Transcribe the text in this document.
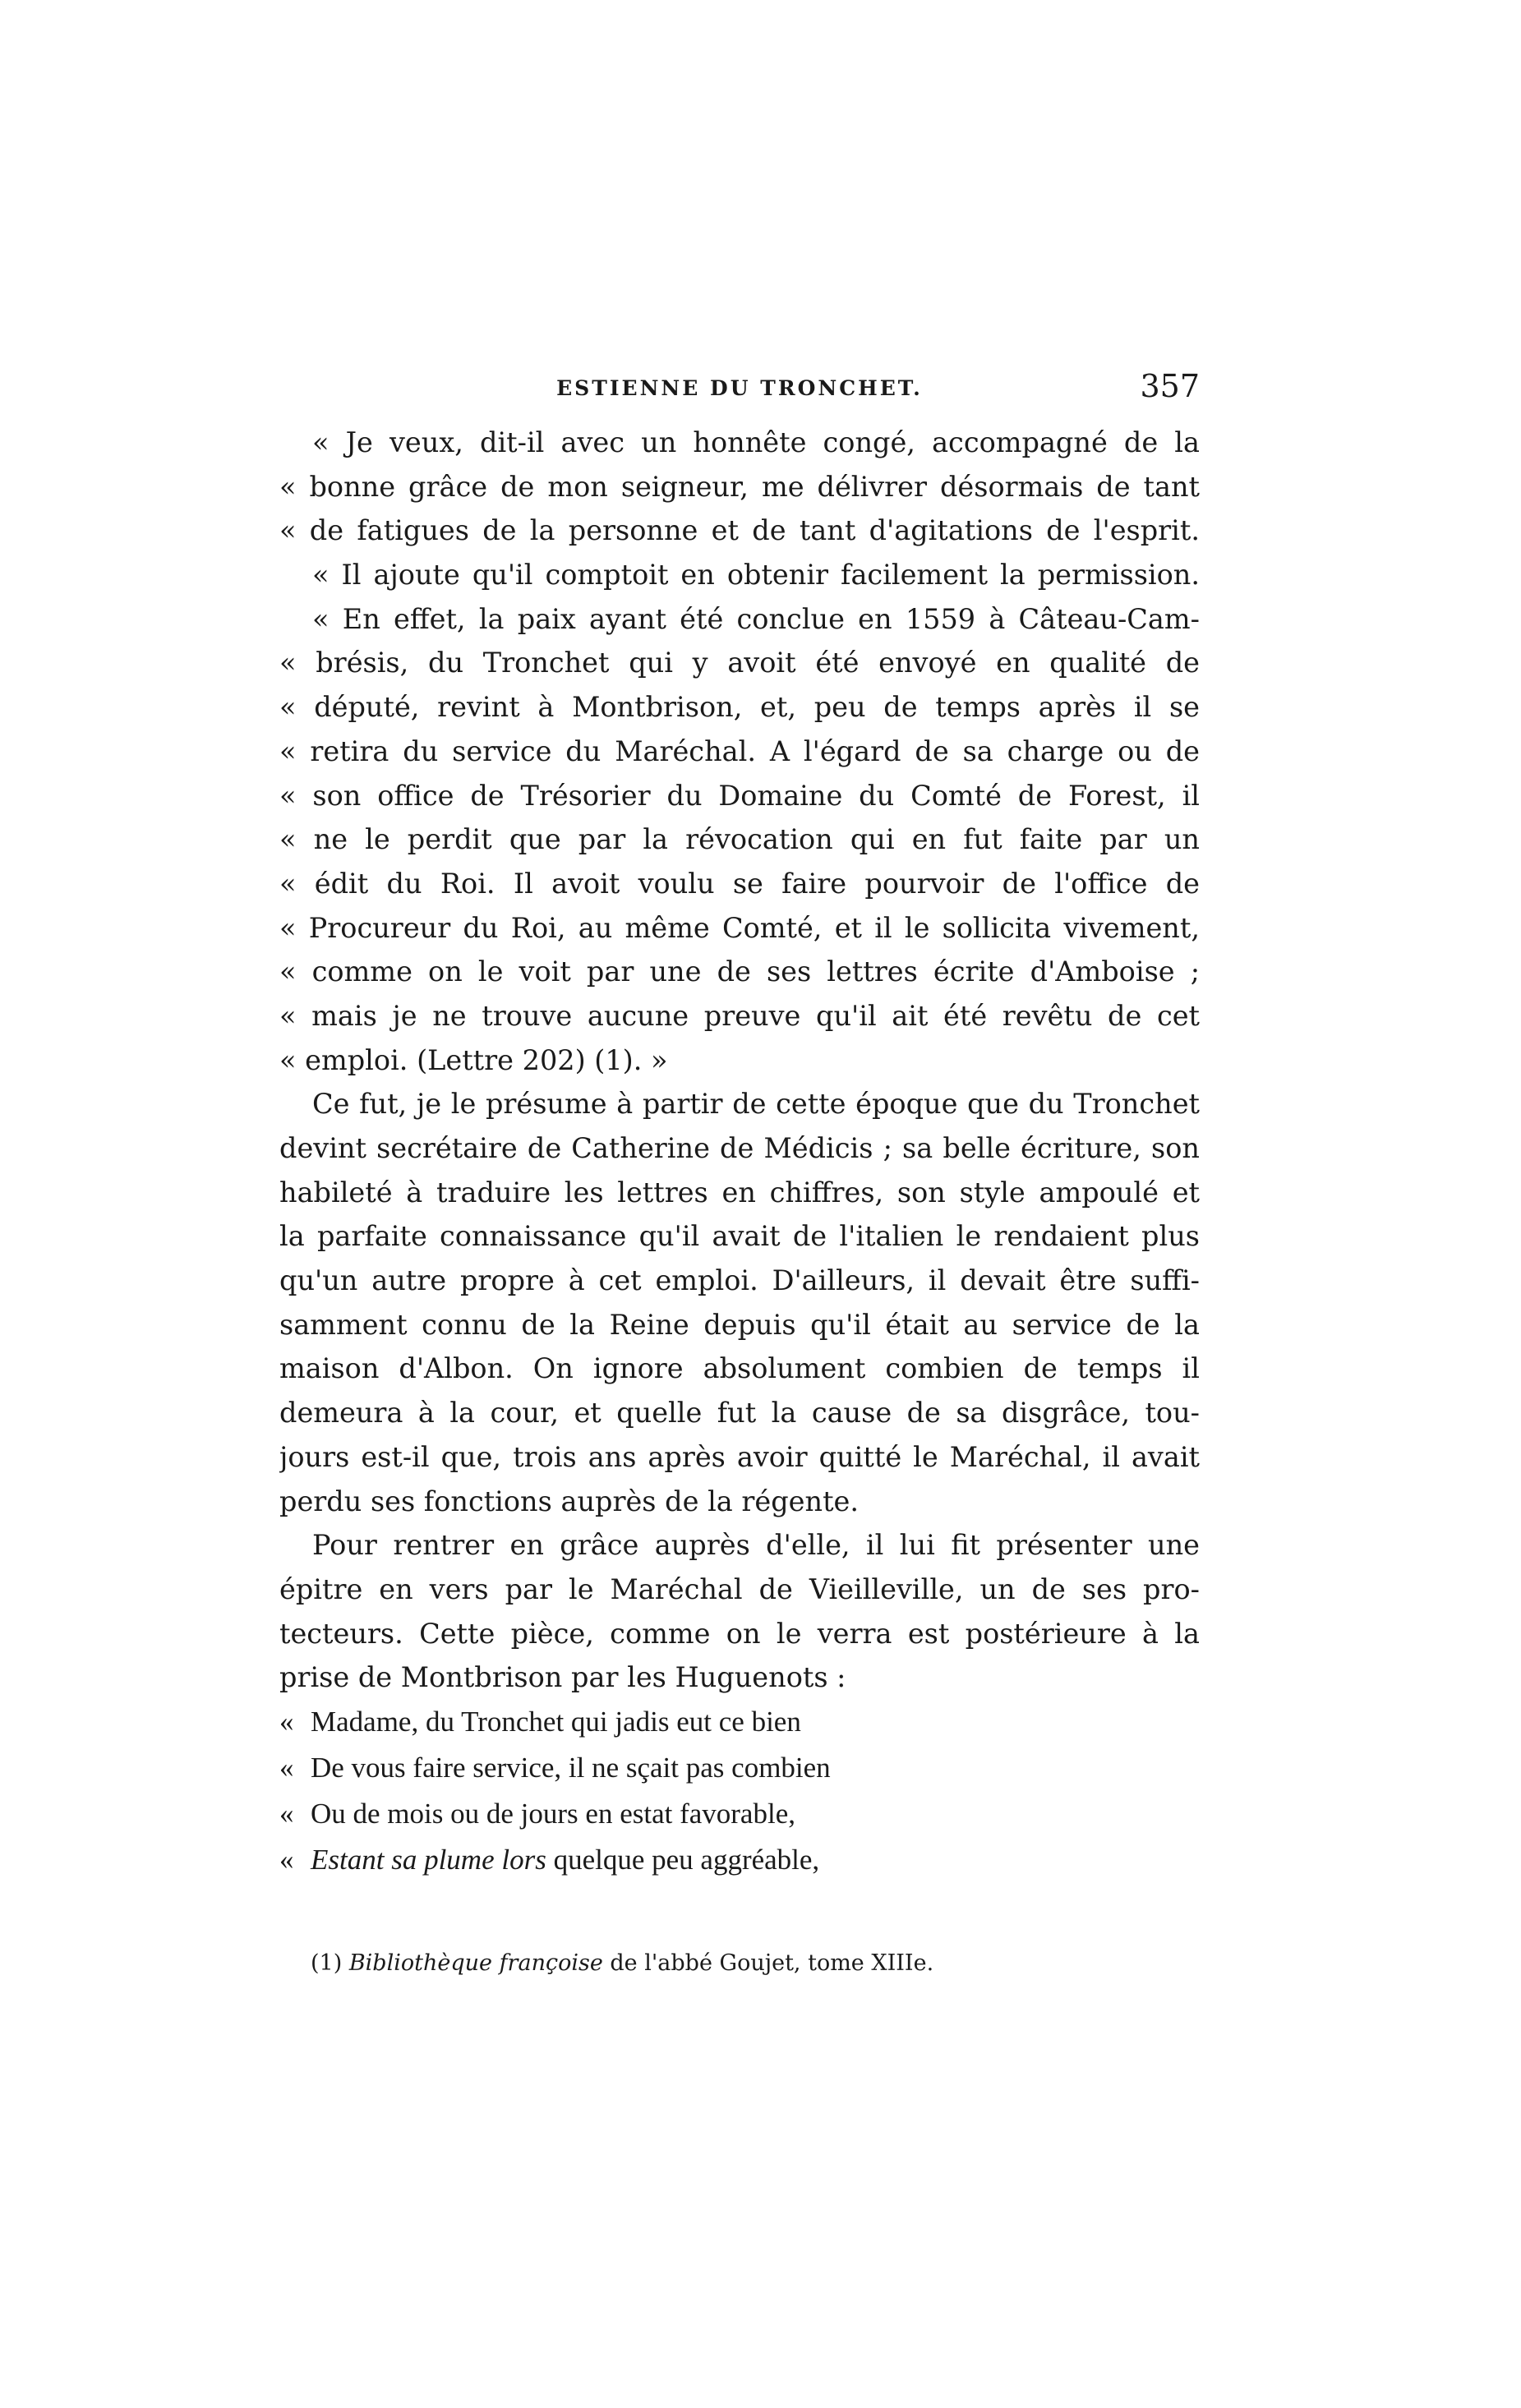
ESTIENNE DU TRONCHET.	357
« Je veux, dit-il avec un honnête congé, accompagné de la
« bonne grâce de mon seigneur, me délivrer désormais de tant
« de fatigues de la personne et de tant d'agitations de l'esprit.
« Il ajoute qu'il comptoit en obtenir facilement la permission.
« En effet, la paix ayant été conclue en 1559 à Câteau-Cam-
« brésis, du Tronchet qui y avoit été envoyé en qualité de
« député, revint à Montbrison, et, peu de temps après il se
« retira du service du Maréchal. A l'égard de sa charge ou de
« son office de Trésorier du Domaine du Comté de Forest, il
« ne le perdit que par la révocation qui en fut faite par un
« édit du Roi. Il avoit voulu se faire pourvoir de l'office de
« Procureur du Roi, au même Comté, et il le sollicita vivement,
« comme on le voit par une de ses lettres écrite d'Amboise ;
« mais je ne trouve aucune preuve qu'il ait été revêtu de cet
« emploi. (Lettre 202) (1). »
Ce fut, je le présume à partir de cette époque que du Tronchet
devint secrétaire de Catherine de Médicis ; sa belle écriture, son
habileté à traduire les lettres en chiffres, son style ampoulé et
la parfaite connaissance qu'il avait de l'italien le rendaient plus
qu'un autre propre à cet emploi. D'ailleurs, il devait être suffi-
samment connu de la Reine depuis qu'il était au service de la
maison d'Albon. On ignore absolument combien de temps il
demeura à la cour, et quelle fut la cause de sa disgrâce, tou-
jours est-il que, trois ans après avoir quitté le Maréchal, il avait
perdu ses fonctions auprès de la régente.
Pour rentrer en grâce auprès d'elle, il lui fit présenter une
épitre en vers par le Maréchal de Vieilleville, un de ses pro-
tecteurs. Cette pièce, comme on le verra est postérieure à la
prise de Montbrison par les Huguenots :
« Madame, du Tronchet qui jadis eut ce bien
« De vous faire service, il ne sçait pas combien
« Ou de mois ou de jours en estat favorable,
« Estant sa plume lors quelque peu aggréable,
(1) Bibliothèque françoise de l'abbé Goujet, tome XIIIe.
